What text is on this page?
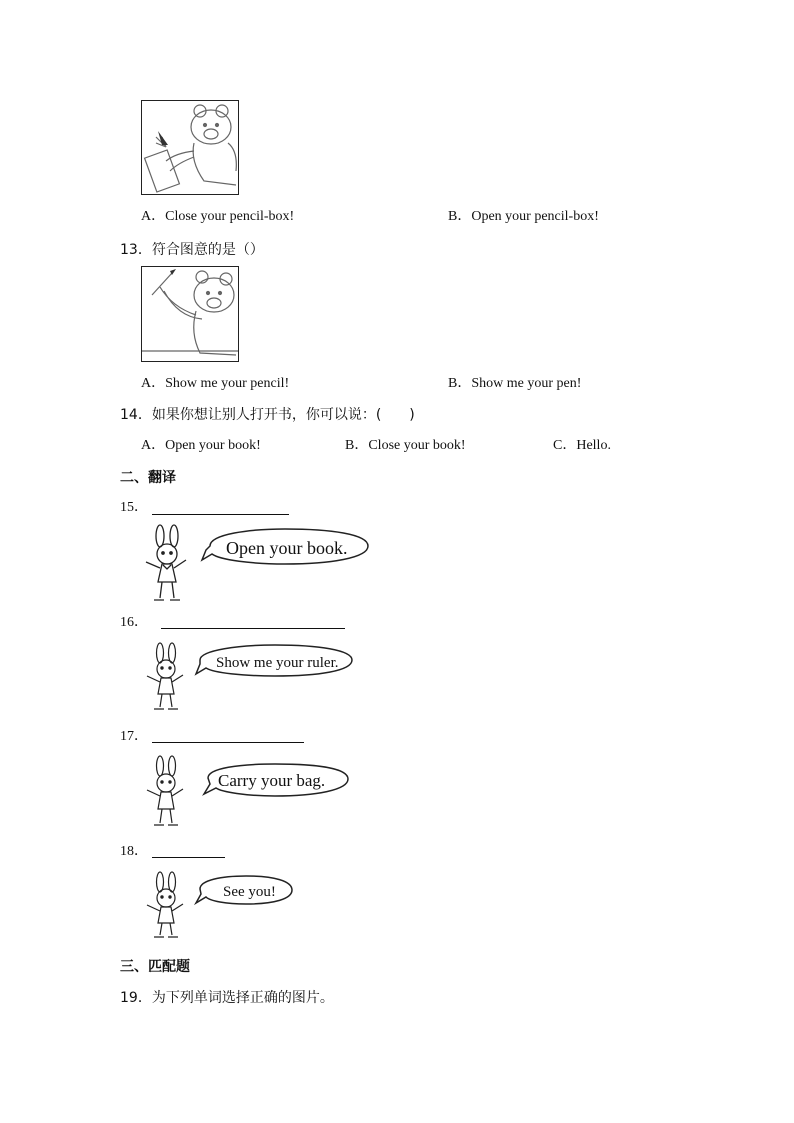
A．Close your pencil-box!	B．Open your pencil-box!
13．符合图意的是（）
A．Show me your pencil!	B．Show me your pen!
14．如果你想让别人打开书，你可以说：(　　)
A．Open your book!	B．Close your book!	C．Hello.
二、翻译
15．
Open your book.
16．
Show me your ruler.
17．
Carry your bag.
18．
See you!
三、匹配题
19．为下列单词选择正确的图片。
